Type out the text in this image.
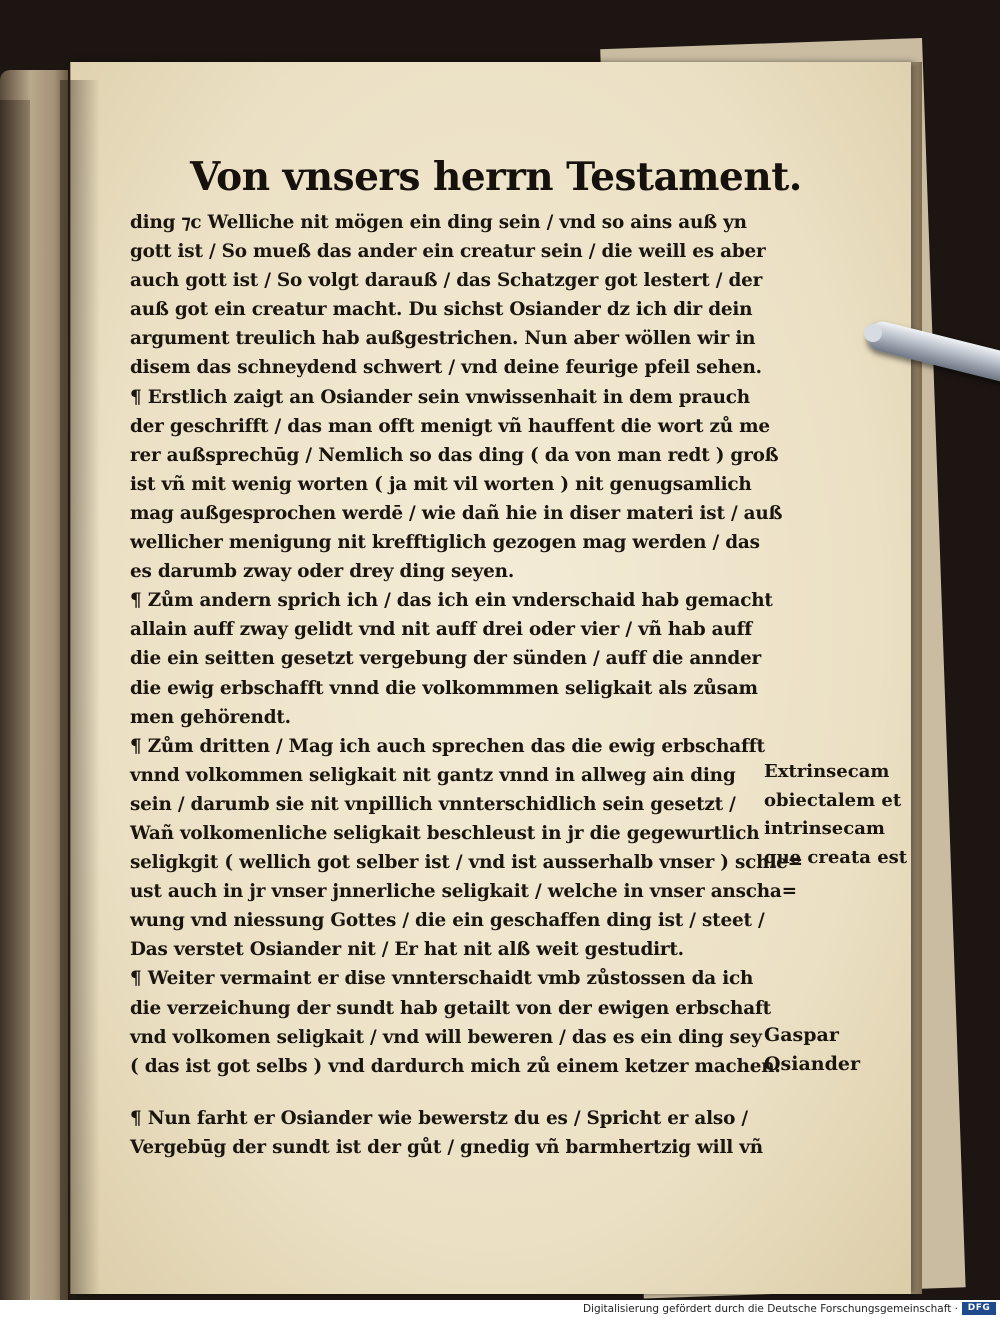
Von vnsers herrn Testament.
ding ⁊c Welliche nit mögen ein ding sein / vnd so ains auß yn
gott ist / So mueß das ander ein creatur sein / die weill es aber
auch gott ist / So volgt darauß / das Schatzger got lestert / der
auß got ein creatur macht. Du sichst Osiander dz ich dir dein
argument treulich hab außgestrichen. Nun aber wöllen wir in
disem das schneydend schwert / vnd deine feurige pfeil sehen.
¶ Erstlich zaigt an Osiander sein vnwissenhait in dem prauch
der geschrifft / das man offt menigt vñ hauffent die wort zů me
rer außsprechūg / Nemlich so das ding ( da von man redt ) groß
ist vñ mit wenig worten ( ja mit vil worten ) nit genugsamlich
mag außgesprochen werdē / wie dañ hie in diser materi ist / auß
wellicher menigung nit krefftiglich gezogen mag werden / das
es darumb zway oder drey ding seyen.
¶ Zům andern sprich ich / das ich ein vnderschaid hab gemacht
allain auff zway gelidt vnd nit auff drei oder vier / vñ hab auff
die ein seitten gesetzt vergebung der sünden / auff die annder
die ewig erbschafft vnnd die volkommmen seligkait als zůsam
men gehörendt.
¶ Zům dritten / Mag ich auch sprechen das die ewig erbschafft
vnnd volkommen seligkait nit gantz vnnd in allweg ain ding
sein / darumb sie nit vnpillich vnnterschidlich sein gesetzt /
Wañ volkomenliche seligkait beschleust in jr die gegewurtlich
seligkgit ( wellich got selber ist / vnd ist ausserhalb vnser ) schle=
ust auch in jr vnser jnnerliche seligkait / welche in vnser anscha=
wung vnd niessung Gottes / die ein geschaffen ding ist / steet /
Das verstet Osiander nit / Er hat nit alß weit gestudirt.
¶ Weiter vermaint er dise vnnterschaidt vmb zůstossen da ich
die verzeichung der sundt hab getailt von der ewigen erbschaft
vnd volkomen seligkait / vnd will beweren / das es ein ding sey
( das ist got selbs ) vnd dardurch mich zů einem ketzer machen.
¶ Nun farht er Osiander wie bewerstz du es / Spricht er also /
Vergebūg der sundt ist der gůt / gnedig vñ barmhertzig will vñ
Extrinsecam
obiectalem et
intrinsecam
que creata est
Gaspar
Osiander
Digitalisierung gefördert durch die Deutsche Forschungsgemeinschaft ·	DFG
